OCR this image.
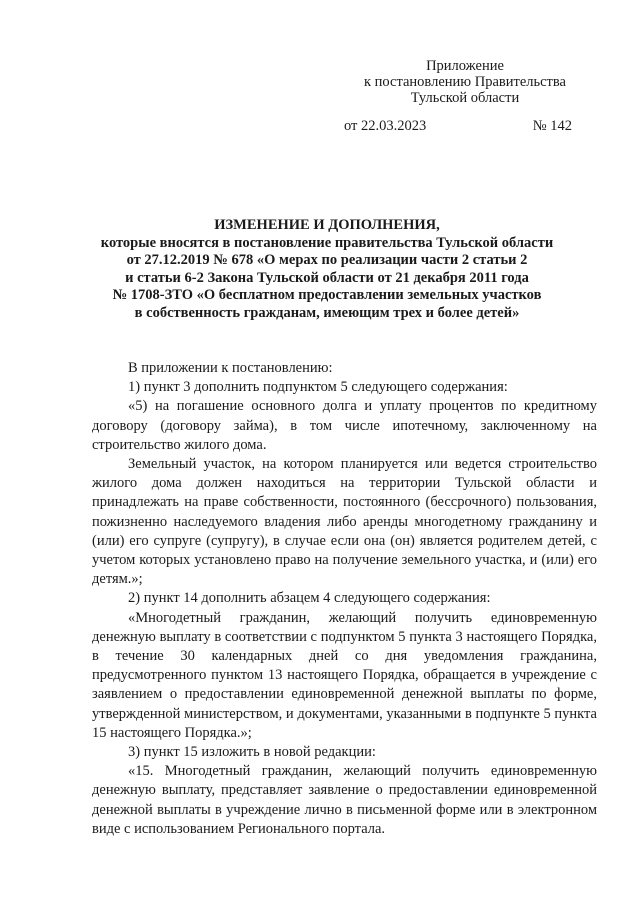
Приложение
к постановлению Правительства
Тульской области
от 22.03.2023	№ 142
ИЗМЕНЕНИЕ И ДОПОЛНЕНИЯ,
которые вносятся в постановление правительства Тульской области
от 27.12.2019 № 678 «О мерах по реализации части 2 статьи 2
и статьи 6-2 Закона Тульской области от 21 декабря 2011 года
№ 1708-ЗТО «О бесплатном предоставлении земельных участков
в собственность гражданам, имеющим трех и более детей»

В приложении к постановлению:

1) пункт 3 дополнить подпунктом 5 следующего содержания:

«5) на погашение основного долга и уплату процентов по кредитному договору (договору займа), в том числе ипотечному, заключенному на строительство жилого дома.

Земельный участок, на котором планируется или ведется строительство жилого дома должен находиться на территории Тульской области и принадлежать на праве собственности, постоянного (бессрочного) пользования, пожизненно наследуемого владения либо аренды многодетному гражданину и (или) его супруге (супругу), в случае если она (он) является родителем детей, с учетом которых установлено право на получение земельного участка, и (или) его детям.»;

2) пункт 14 дополнить абзацем 4 следующего содержания:

«Многодетный гражданин, желающий получить единовременную денежную выплату в соответствии с подпунктом 5 пункта 3 настоящего Порядка, в течение 30 календарных дней со дня уведомления гражданина, предусмотренного пунктом 13 настоящего Порядка, обращается в учреждение с заявлением о предоставлении единовременной денежной выплаты по форме, утвержденной министерством, и документами, указанными в подпункте 5 пункта 15 настоящего Порядка.»;

3) пункт 15 изложить в новой редакции:

«15. Многодетный гражданин, желающий получить единовременную денежную выплату, представляет заявление о предоставлении единовременной денежной выплаты в учреждение лично в письменной форме или в электронном виде с использованием Регионального портала.
